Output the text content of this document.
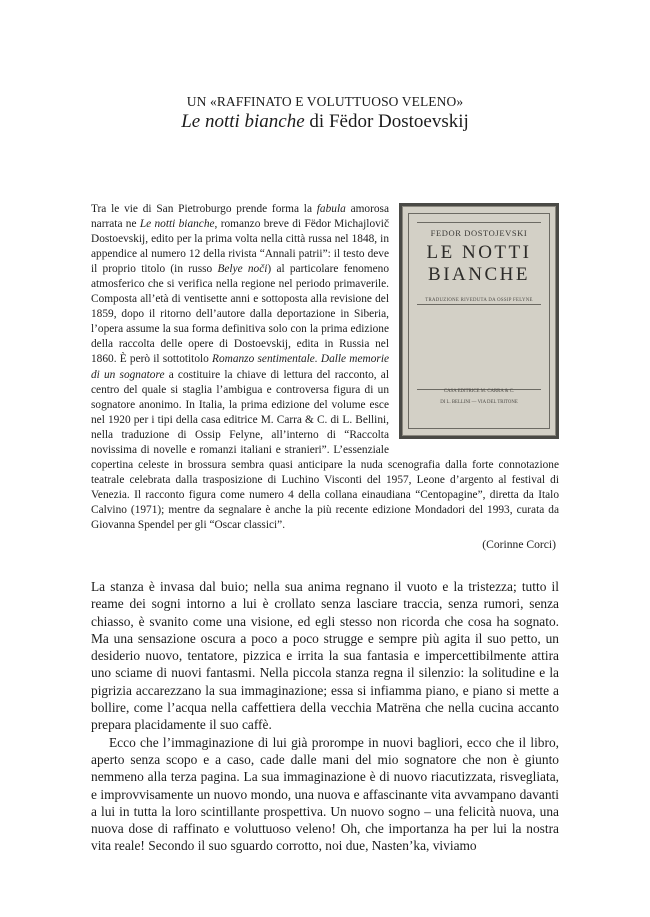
UN «RAFFINATO E VOLUTTUOSO VELENO»
Le notti bianche di Fëdor Dostoevskij
FEDOR DOSTOJEVSKI
LE NOTTI
BIANCHE
TRADUZIONE RIVEDUTA DA OSSIP FELYNE
CASA EDITRICE M. CARRA & C.
DI L. BELLINI — VIA DEL TRITONE
Tra le vie di San Pietroburgo prende forma la fabula amorosa narrata ne Le notti bianche, romanzo breve di Fëdor Michajlovič Dostoevskij, edito per la prima volta nella città russa nel 1848, in appendice al numero 12 della rivista “Annali patrii”: il testo deve il proprio titolo (in russo Belye noči) al particolare fenomeno atmosferico che si verifica nella regione nel periodo primaverile. Composta all’età di ventisette anni e sottoposta alla revisione del 1859, dopo il ritorno dell’autore dalla deportazione in Siberia, l’opera assume la sua forma definitiva solo con la prima edizione della raccolta delle opere di Dostoevskij, edita in Russia nel 1860. È però il sottotitolo Romanzo sentimentale. Dalle memorie di un sognatore a costituire la chiave di lettura del racconto, al centro del quale si staglia l’ambigua e controversa figura di un sognatore anonimo. In Italia, la prima edizione del volume esce nel 1920 per i tipi della casa editrice M. Carra & C. di L. Bellini, nella traduzione di Ossip Felyne, all’interno di “Raccolta novissima di novelle e romanzi italiani e stranieri”. L’essenziale copertina celeste in brossura sembra quasi anticipare la nuda scenografia dalla forte connotazione teatrale celebrata dalla trasposizione di Luchino Visconti del 1957, Leone d’argento al festival di Venezia. Il racconto figura come numero 4 della collana einaudiana “Centopagine”, diretta da Italo Calvino (1971); mentre da segnalare è anche la più recente edizione Mondadori del 1993, curata da Giovanna Spendel per gli “Oscar classici”.
(Corinne Corci)

La stanza è invasa dal buio; nella sua anima regnano il vuoto e la tristezza; tutto il reame dei sogni intorno a lui è crollato senza lasciare traccia, senza rumori, senza chiasso, è svanito come una visione, ed egli stesso non ricorda che cosa ha sognato. Ma una sensazione oscura a poco a poco strugge e sempre più agita il suo petto, un desiderio nuovo, tentatore, pizzica e irrita la sua fantasia e impercettibilmente attira uno sciame di nuovi fantasmi. Nella piccola stanza regna il silenzio: la solitudine e la pigrizia accarezzano la sua immaginazione; essa si infiamma piano, e piano si mette a bollire, come l’acqua nella caffettiera della vecchia Matrëna che nella cucina accanto prepara placidamente il suo caffè.

Ecco che l’immaginazione di lui già prorompe in nuovi bagliori, ecco che il libro, aperto senza scopo e a caso, cade dalle mani del mio sognatore che non è giunto nemmeno alla terza pagina. La sua immaginazione è di nuovo riacutizzata, risvegliata, e improvvisamente un nuovo mondo, una nuova e affascinante vita avvampano davanti a lui in tutta la loro scintillante prospettiva. Un nuovo sogno – una felicità nuova, una nuova dose di raffinato e voluttuoso veleno! Oh, che importanza ha per lui la nostra vita reale! Secondo il suo sguardo corrotto, noi due, Nasten’ka, viviamo
